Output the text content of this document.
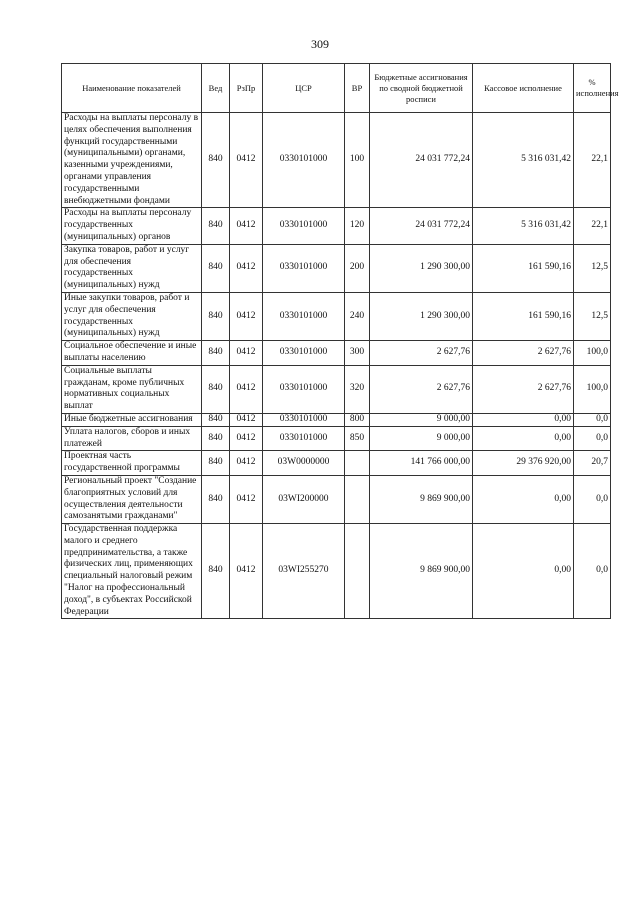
309
Наименование показателей	Вед	РзПр	ЦСР	ВР	Бюджетные ассигнования по сводной бюджетной росписи	Кассовое исполнение	% исполнения
Расходы на выплаты персоналу в целях обеспечения выполнения функций государственными (муниципальными) органами, казенными учреждениями, органами управления государственными внебюджетными фондами	840	0412	0330101000	100	24 031 772,24	5 316 031,42	22,1
Расходы на выплаты персоналу государственных (муниципальных) органов	840	0412	0330101000	120	24 031 772,24	5 316 031,42	22,1
Закупка товаров, работ и услуг для обеспечения государственных (муниципальных) нужд	840	0412	0330101000	200	1 290 300,00	161 590,16	12,5
Иные закупки товаров, работ и услуг для обеспечения государственных (муниципальных) нужд	840	0412	0330101000	240	1 290 300,00	161 590,16	12,5
Социальное обеспечение и иные выплаты населению	840	0412	0330101000	300	2 627,76	2 627,76	100,0
Социальные выплаты гражданам, кроме публичных нормативных социальных выплат	840	0412	0330101000	320	2 627,76	2 627,76	100,0
Иные бюджетные ассигнования	840	0412	0330101000	800	9 000,00	0,00	0,0
Уплата налогов, сборов и иных платежей	840	0412	0330101000	850	9 000,00	0,00	0,0
Проектная часть государственной программы	840	0412	03W0000000		141 766 000,00	29 376 920,00	20,7
Региональный проект "Создание благоприятных условий для осуществления деятельности самозанятыми гражданами"	840	0412	03WI200000		9 869 900,00	0,00	0,0
Государственная поддержка малого и среднего предпринимательства, а также физических лиц, применяющих специальный налоговый режим "Налог на профессиональный доход", в субъектах Российской Федерации	840	0412	03WI255270		9 869 900,00	0,00	0,0
